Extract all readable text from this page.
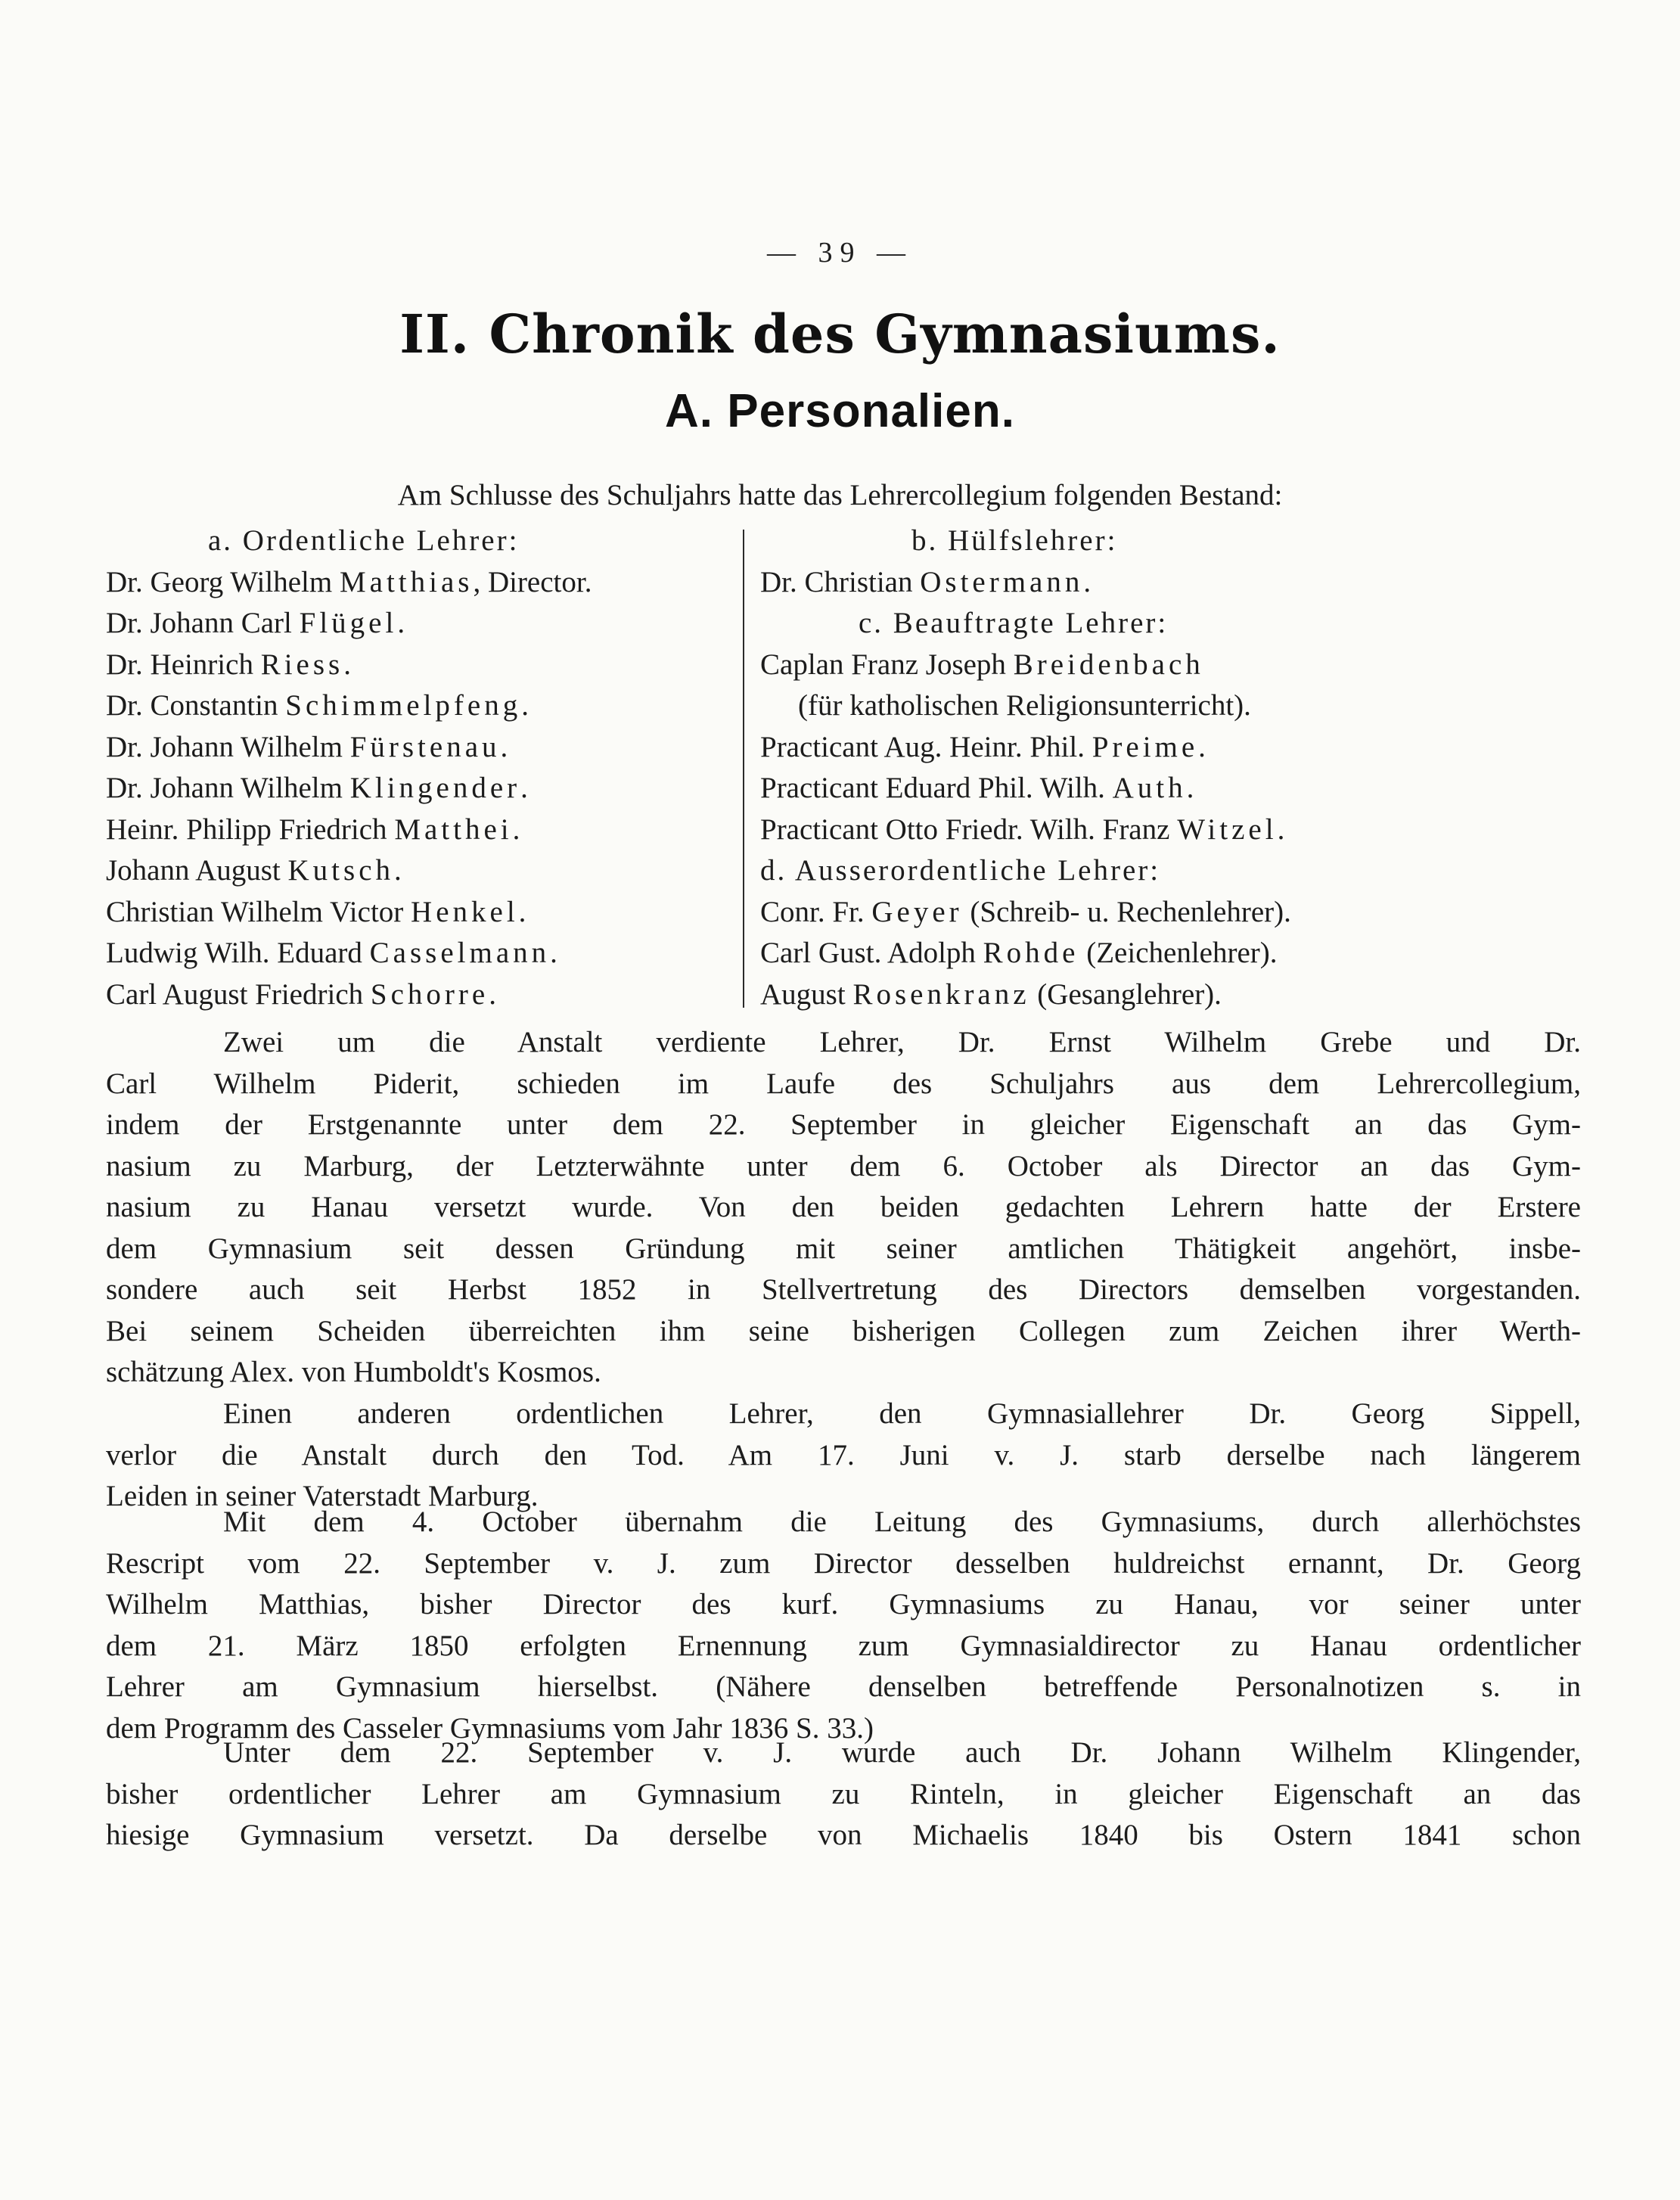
— 39 —
II. Chronik des Gymnasiums.
A. Personalien.
Am Schlusse des Schuljahrs hatte das Lehrercollegium folgenden Bestand:
a. Ordentliche Lehrer:
Dr. Georg Wilhelm Matthias, Director.
Dr. Johann Carl Flügel.
Dr. Heinrich Riess.
Dr. Constantin Schimmelpfeng.
Dr. Johann Wilhelm Fürstenau.
Dr. Johann Wilhelm Klingender.
Heinr. Philipp Friedrich Matthei.
Johann August Kutsch.
Christian Wilhelm Victor Henkel.
Ludwig Wilh. Eduard Casselmann.
Carl August Friedrich Schorre.
b. Hülfslehrer:
Dr. Christian Ostermann.
c. Beauftragte Lehrer:
Caplan Franz Joseph Breidenbach
(für katholischen Religionsunterricht).
Practicant Aug. Heinr. Phil. Preime.
Practicant Eduard Phil. Wilh. Auth.
Practicant Otto Friedr. Wilh. Franz Witzel.
d. Ausserordentliche Lehrer:
Conr. Fr. Geyer (Schreib- u. Rechenlehrer).
Carl Gust. Adolph Rohde (Zeichenlehrer).
August Rosenkranz (Gesanglehrer).
Zwei um die Anstalt verdiente Lehrer, Dr. Ernst Wilhelm Grebe und Dr.
Carl Wilhelm Piderit, schieden im Laufe des Schuljahrs aus dem Lehrercollegium,
indem der Erstgenannte unter dem 22. September in gleicher Eigenschaft an das Gym-
nasium zu Marburg, der Letzterwähnte unter dem 6. October als Director an das Gym-
nasium zu Hanau versetzt wurde. Von den beiden gedachten Lehrern hatte der Erstere
dem Gymnasium seit dessen Gründung mit seiner amtlichen Thätigkeit angehört, insbe-
sondere auch seit Herbst 1852 in Stellvertretung des Directors demselben vorgestanden.
Bei seinem Scheiden überreichten ihm seine bisherigen Collegen zum Zeichen ihrer Werth-
schätzung Alex. von Humboldt's Kosmos.
Einen anderen ordentlichen Lehrer, den Gymnasiallehrer Dr. Georg Sippell,
verlor die Anstalt durch den Tod. Am 17. Juni v. J. starb derselbe nach längerem
Leiden in seiner Vaterstadt Marburg.
Mit dem 4. October übernahm die Leitung des Gymnasiums, durch allerhöchstes
Rescript vom 22. September v. J. zum Director desselben huldreichst ernannt, Dr. Georg
Wilhelm Matthias, bisher Director des kurf. Gymnasiums zu Hanau, vor seiner unter
dem 21. März 1850 erfolgten Ernennung zum Gymnasialdirector zu Hanau ordentlicher
Lehrer am Gymnasium hierselbst. (Nähere denselben betreffende Personalnotizen s. in
dem Programm des Casseler Gymnasiums vom Jahr 1836 S. 33.)
Unter dem 22. September v. J. wurde auch Dr. Johann Wilhelm Klingender,
bisher ordentlicher Lehrer am Gymnasium zu Rinteln, in gleicher Eigenschaft an das
hiesige Gymnasium versetzt. Da derselbe von Michaelis 1840 bis Ostern 1841 schon
